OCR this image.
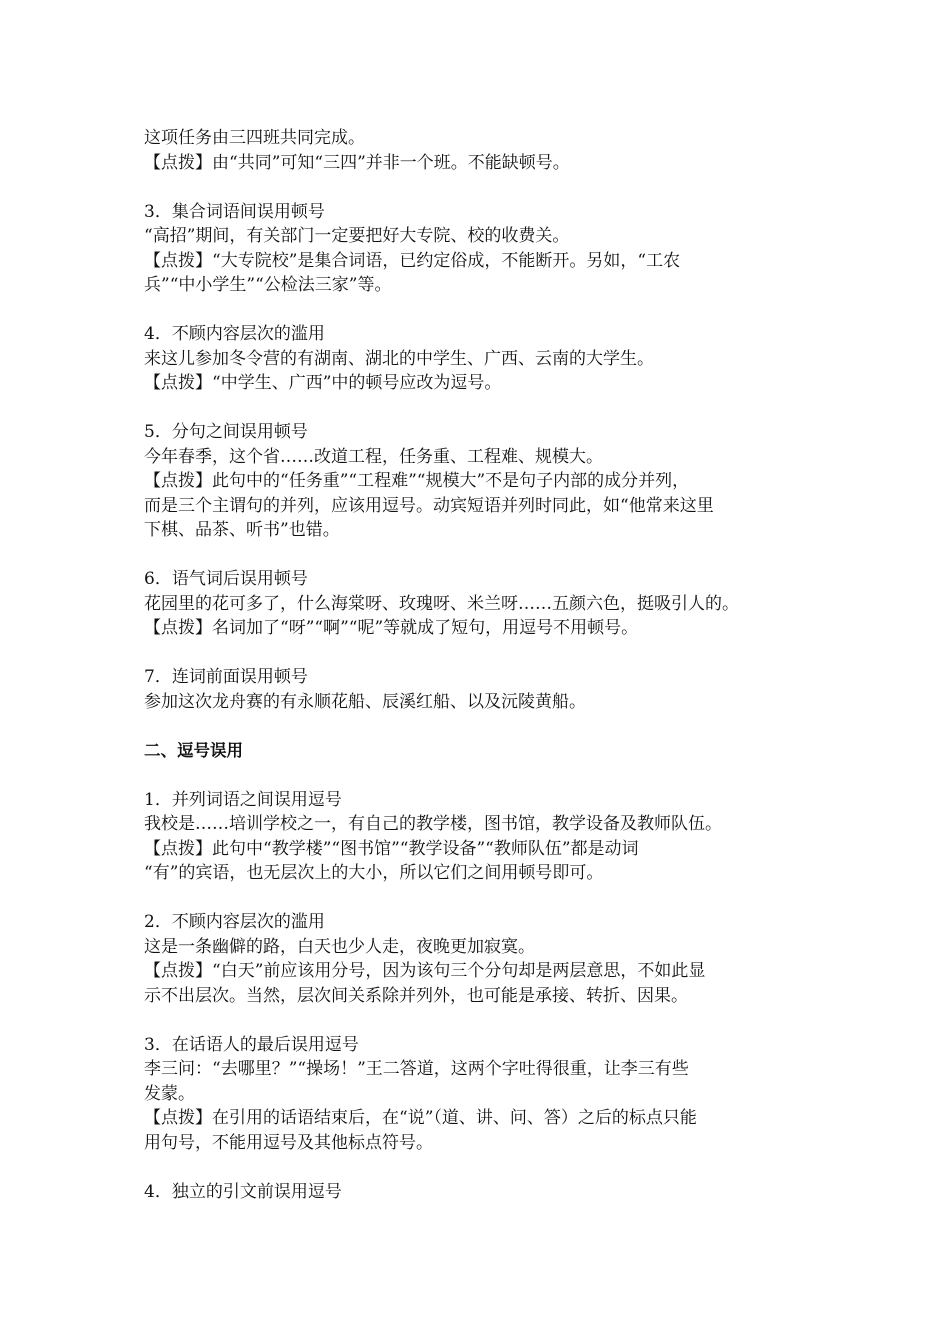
这项任务由三四班共同完成。
【点拨】由“共同”可知“三四”并非一个班。不能缺顿号。
3．集合词语间误用顿号
“高招”期间，有关部门一定要把好大专院、校的收费关。
【点拨】“大专院校”是集合词语，已约定俗成，不能断开。另如，“工农
兵”“中小学生”“公检法三家”等。
4．不顾内容层次的滥用
来这儿参加冬令营的有湖南、湖北的中学生、广西、云南的大学生。
【点拨】“中学生、广西”中的顿号应改为逗号。
5．分句之间误用顿号
今年春季，这个省……改道工程，任务重、工程难、规模大。
【点拨】此句中的“任务重”“工程难”“规模大”不是句子内部的成分并列，
而是三个主谓句的并列，应该用逗号。动宾短语并列时同此，如“他常来这里
下棋、品茶、听书”也错。
6．语气词后误用顿号
花园里的花可多了，什么海棠呀、玫瑰呀、米兰呀……五颜六色，挺吸引人的。
【点拨】名词加了“呀”“啊”“呢”等就成了短句，用逗号不用顿号。
7．连词前面误用顿号
参加这次龙舟赛的有永顺花船、辰溪红船、以及沅陵黄船。
二、逗号误用
1．并列词语之间误用逗号
我校是……培训学校之一，有自己的教学楼，图书馆，教学设备及教师队伍。
【点拨】此句中“教学楼”“图书馆”“教学设备”“教师队伍”都是动词
“有”的宾语，也无层次上的大小，所以它们之间用顿号即可。
2．不顾内容层次的滥用
这是一条幽僻的路，白天也少人走，夜晚更加寂寞。
【点拨】“白天”前应该用分号，因为该句三个分句却是两层意思，不如此显
示不出层次。当然，层次间关系除并列外，也可能是承接、转折、因果。
3．在话语人的最后误用逗号
李三问：“去哪里？”“操场！”王二答道，这两个字吐得很重，让李三有些
发蒙。
【点拨】在引用的话语结束后，在“说”（道、讲、问、答）之后的标点只能
用句号，不能用逗号及其他标点符号。
4．独立的引文前误用逗号
